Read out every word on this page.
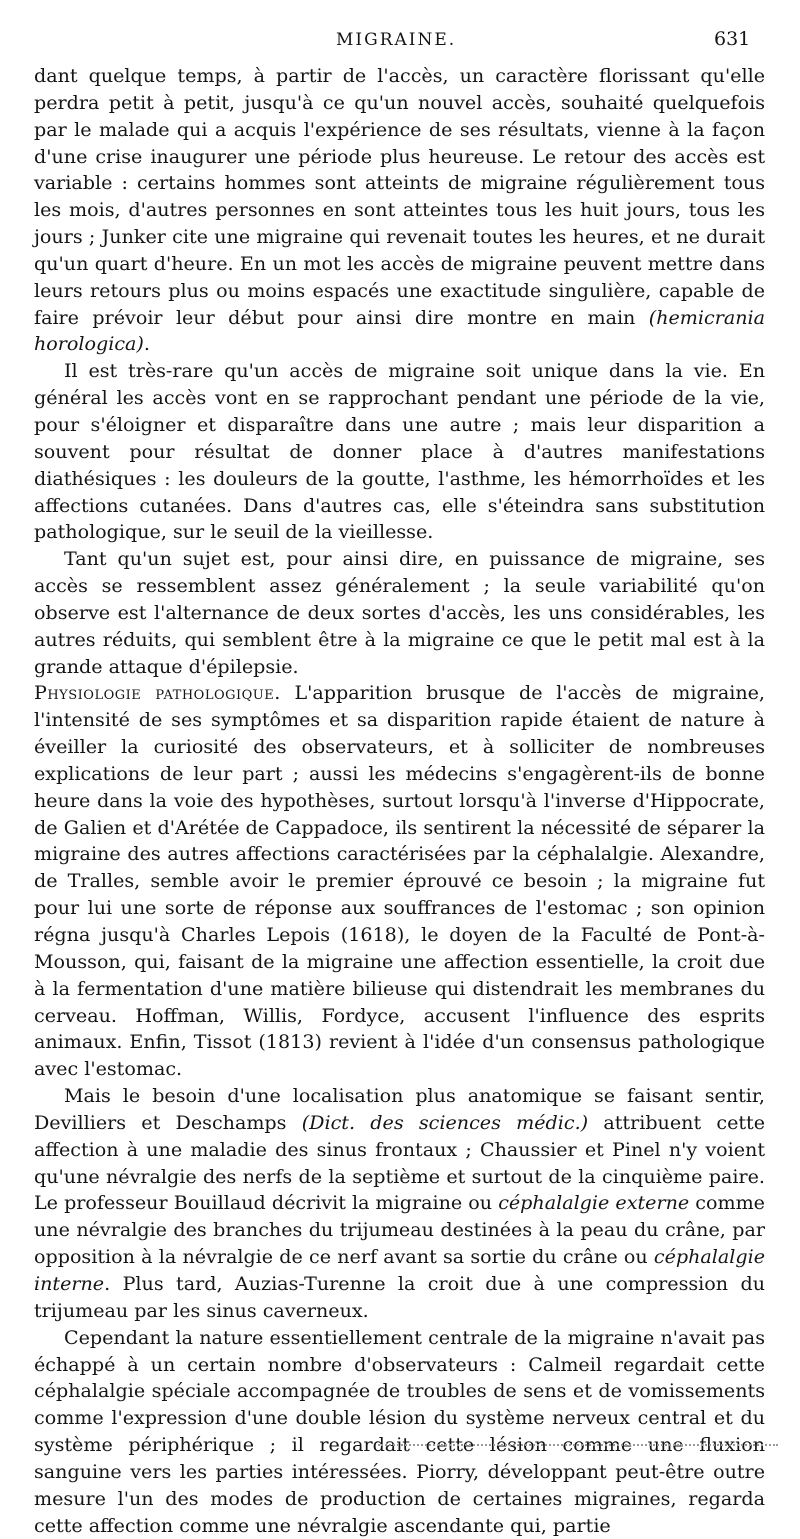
MIGRAINE.	631

dant quelque temps, à partir de l'accès, un caractère florissant qu'elle perdra petit à petit, jusqu'à ce qu'un nouvel accès, souhaité quelquefois par le malade qui a acquis l'expérience de ses résultats, vienne à la façon d'une crise inaugurer une période plus heureuse. Le retour des accès est variable : certains hommes sont atteints de migraine régulièrement tous les mois, d'autres personnes en sont atteintes tous les huit jours, tous les jours ; Junker cite une migraine qui revenait toutes les heures, et ne durait qu'un quart d'heure. En un mot les accès de migraine peuvent mettre dans leurs retours plus ou moins espacés une exactitude singulière, capable de faire prévoir leur début pour ainsi dire montre en main (hemicrania horologica).

Il est très-rare qu'un accès de migraine soit unique dans la vie. En général les accès vont en se rapprochant pendant une période de la vie, pour s'éloigner et disparaître dans une autre ; mais leur disparition a souvent pour résultat de donner place à d'autres manifestations diathésiques : les douleurs de la goutte, l'asthme, les hémorrhoïdes et les affections cutanées. Dans d'autres cas, elle s'éteindra sans substitution pathologique, sur le seuil de la vieillesse.

Tant qu'un sujet est, pour ainsi dire, en puissance de migraine, ses accès se ressemblent assez généralement ; la seule variabilité qu'on observe est l'alternance de deux sortes d'accès, les uns considérables, les autres réduits, qui semblent être à la migraine ce que le petit mal est à la grande attaque d'épilepsie.

Physiologie pathologique. L'apparition brusque de l'accès de migraine, l'intensité de ses symptômes et sa disparition rapide étaient de nature à éveiller la curiosité des observateurs, et à solliciter de nombreuses explications de leur part ; aussi les médecins s'engagèrent-ils de bonne heure dans la voie des hypothèses, surtout lorsqu'à l'inverse d'Hippocrate, de Galien et d'Arétée de Cappadoce, ils sentirent la nécessité de séparer la migraine des autres affections caractérisées par la céphalalgie. Alexandre, de Tralles, semble avoir le premier éprouvé ce besoin ; la migraine fut pour lui une sorte de réponse aux souffrances de l'estomac ; son opinion régna jusqu'à Charles Lepois (1618), le doyen de la Faculté de Pont-à-Mousson, qui, faisant de la migraine une affection essentielle, la croit due à la fermentation d'une matière bilieuse qui distendrait les membranes du cerveau. Hoffman, Willis, Fordyce, accusent l'influence des esprits animaux. Enfin, Tissot (1813) revient à l'idée d'un consensus pathologique avec l'estomac.

Mais le besoin d'une localisation plus anatomique se faisant sentir, Devilliers et Deschamps (Dict. des sciences médic.) attribuent cette affection à une maladie des sinus frontaux ; Chaussier et Pinel n'y voient qu'une névralgie des nerfs de la septième et surtout de la cinquième paire. Le professeur Bouillaud décrivit la migraine ou céphalalgie externe comme une névralgie des branches du trijumeau destinées à la peau du crâne, par opposition à la névralgie de ce nerf avant sa sortie du crâne ou céphalalgie interne. Plus tard, Auzias-Turenne la croit due à une compression du trijumeau par les sinus caverneux.

Cependant la nature essentiellement centrale de la migraine n'avait pas échappé à un certain nombre d'observateurs : Calmeil regardait cette céphalalgie spéciale accompagnée de troubles de sens et de vomissements comme l'expression d'une double lésion du système nerveux central et du système périphérique ; il regardait cette lésion comme une fluxion sanguine vers les parties intéressées. Piorry, développant peut-être outre mesure l'un des modes de production de certaines migraines, regarda cette affection comme une névralgie ascendante qui, partie
